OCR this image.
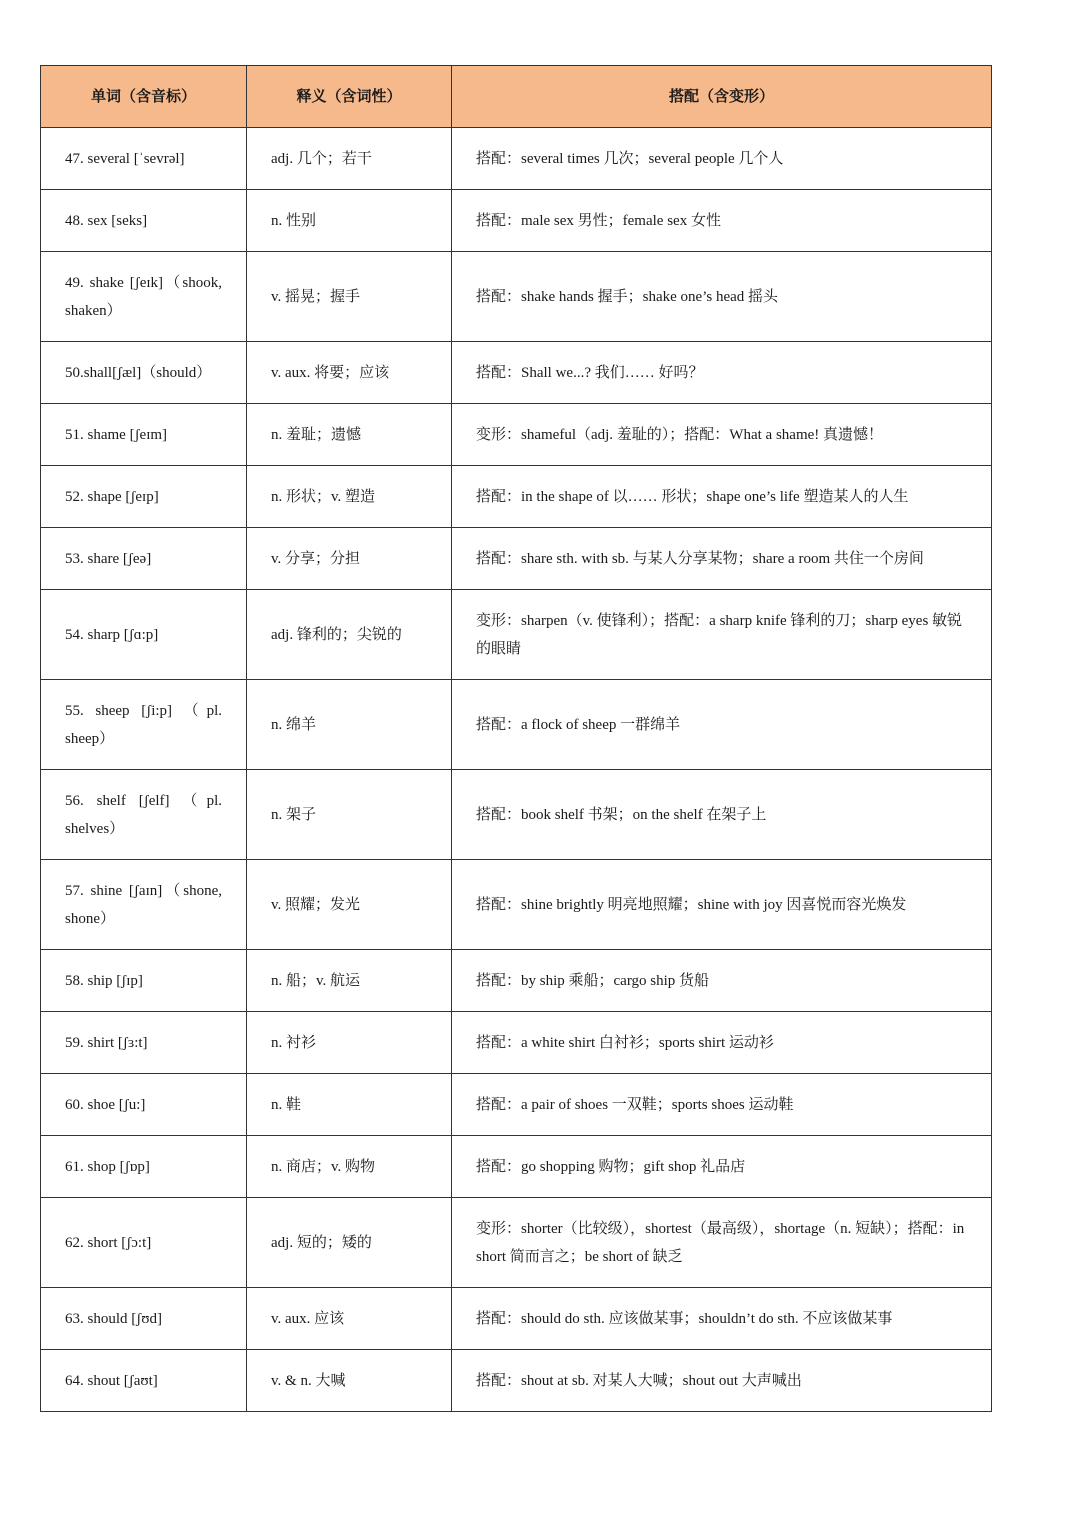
单词（含音标）	释义（含词性）	搭配（含变形）
47. several [ˈsevrəl]	adj. 几个；若干	搭配：several times 几次；several people 几个人
48. sex [seks]	n. 性别	搭配：male sex 男性；female sex 女性
49. shake [ʃeɪk]（shook, shaken）	v. 摇晃；握手	搭配：shake hands 握手；shake one’s head 摇头
50.shall[ʃæl]（should）	v. aux. 将要；应该	搭配：Shall we...? 我们…… 好吗？
51. shame [ʃeɪm]	n. 羞耻；遗憾	变形：shameful（adj. 羞耻的）；搭配：What a shame! 真遗憾！
52. shape [ʃeɪp]	n. 形状；v. 塑造	搭配：in the shape of 以…… 形状；shape one’s life 塑造某人的人生
53. share [ʃeə]	v. 分享；分担	搭配：share sth. with sb. 与某人分享某物；share a room 共住一个房间
54. sharp [ʃɑ:p]	adj. 锋利的；尖锐的	变形：sharpen（v. 使锋利）；搭配：a sharp knife 锋利的刀；sharp eyes 敏锐的眼睛
55. sheep [ʃi:p] （pl. sheep）	n. 绵羊	搭配：a flock of sheep 一群绵羊
56. shelf [ʃelf] （pl. shelves）	n. 架子	搭配：book shelf 书架；on the shelf 在架子上
57. shine [ʃaɪn]（shone, shone）	v. 照耀；发光	搭配：shine brightly 明亮地照耀；shine with joy 因喜悦而容光焕发
58. ship [ʃɪp]	n. 船；v. 航运	搭配：by ship 乘船；cargo ship 货船
59. shirt [ʃɜ:t]	n. 衬衫	搭配：a white shirt 白衬衫；sports shirt 运动衫
60. shoe [ʃu:]	n. 鞋	搭配：a pair of shoes 一双鞋；sports shoes 运动鞋
61. shop [ʃɒp]	n. 商店；v. 购物	搭配：go shopping 购物；gift shop 礼品店
62. short [ʃɔ:t]	adj. 短的；矮的	变形：shorter（比较级），shortest（最高级），shortage（n. 短缺）；搭配：in short 简而言之；be short of 缺乏
63. should [ʃʊd]	v. aux. 应该	搭配：should do sth. 应该做某事；shouldn’t do sth. 不应该做某事
64. shout [ʃaʊt]	v. & n. 大喊	搭配：shout at sb. 对某人大喊；shout out 大声喊出
